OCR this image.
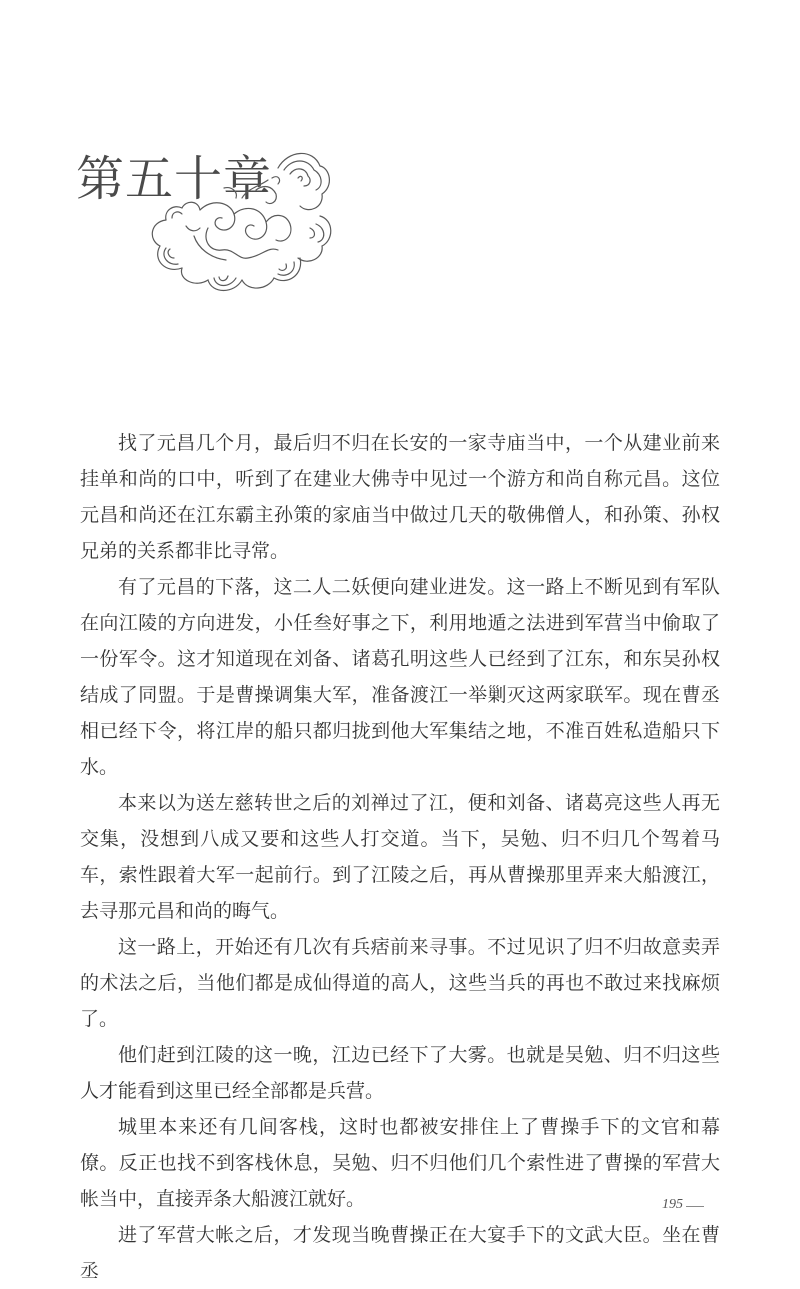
第五十章

找了元昌几个月，最后归不归在长安的一家寺庙当中，一个从建业前来挂单和尚的口中，听到了在建业大佛寺中见过一个游方和尚自称元昌。这位元昌和尚还在江东霸主孙策的家庙当中做过几天的敬佛僧人，和孙策、孙权兄弟的关系都非比寻常。

有了元昌的下落，这二人二妖便向建业进发。这一路上不断见到有军队在向江陵的方向进发，小任叁好事之下，利用地遁之法进到军营当中偷取了一份军令。这才知道现在刘备、诸葛孔明这些人已经到了江东，和东吴孙权结成了同盟。于是曹操调集大军，准备渡江一举剿灭这两家联军。现在曹丞相已经下令，将江岸的船只都归拢到他大军集结之地，不准百姓私造船只下水。

本来以为送左慈转世之后的刘禅过了江，便和刘备、诸葛亮这些人再无交集，没想到八成又要和这些人打交道。当下，吴勉、归不归几个驾着马车，索性跟着大军一起前行。到了江陵之后，再从曹操那里弄来大船渡江，去寻那元昌和尚的晦气。

这一路上，开始还有几次有兵痞前来寻事。不过见识了归不归故意卖弄的术法之后，当他们都是成仙得道的高人，这些当兵的再也不敢过来找麻烦了。

他们赶到江陵的这一晚，江边已经下了大雾。也就是吴勉、归不归这些人才能看到这里已经全部都是兵营。

城里本来还有几间客栈，这时也都被安排住上了曹操手下的文官和幕僚。反正也找不到客栈休息，吴勉、归不归他们几个索性进了曹操的军营大帐当中，直接弄条大船渡江就好。

进了军营大帐之后，才发现当晚曹操正在大宴手下的文武大臣。坐在曹丞

195
